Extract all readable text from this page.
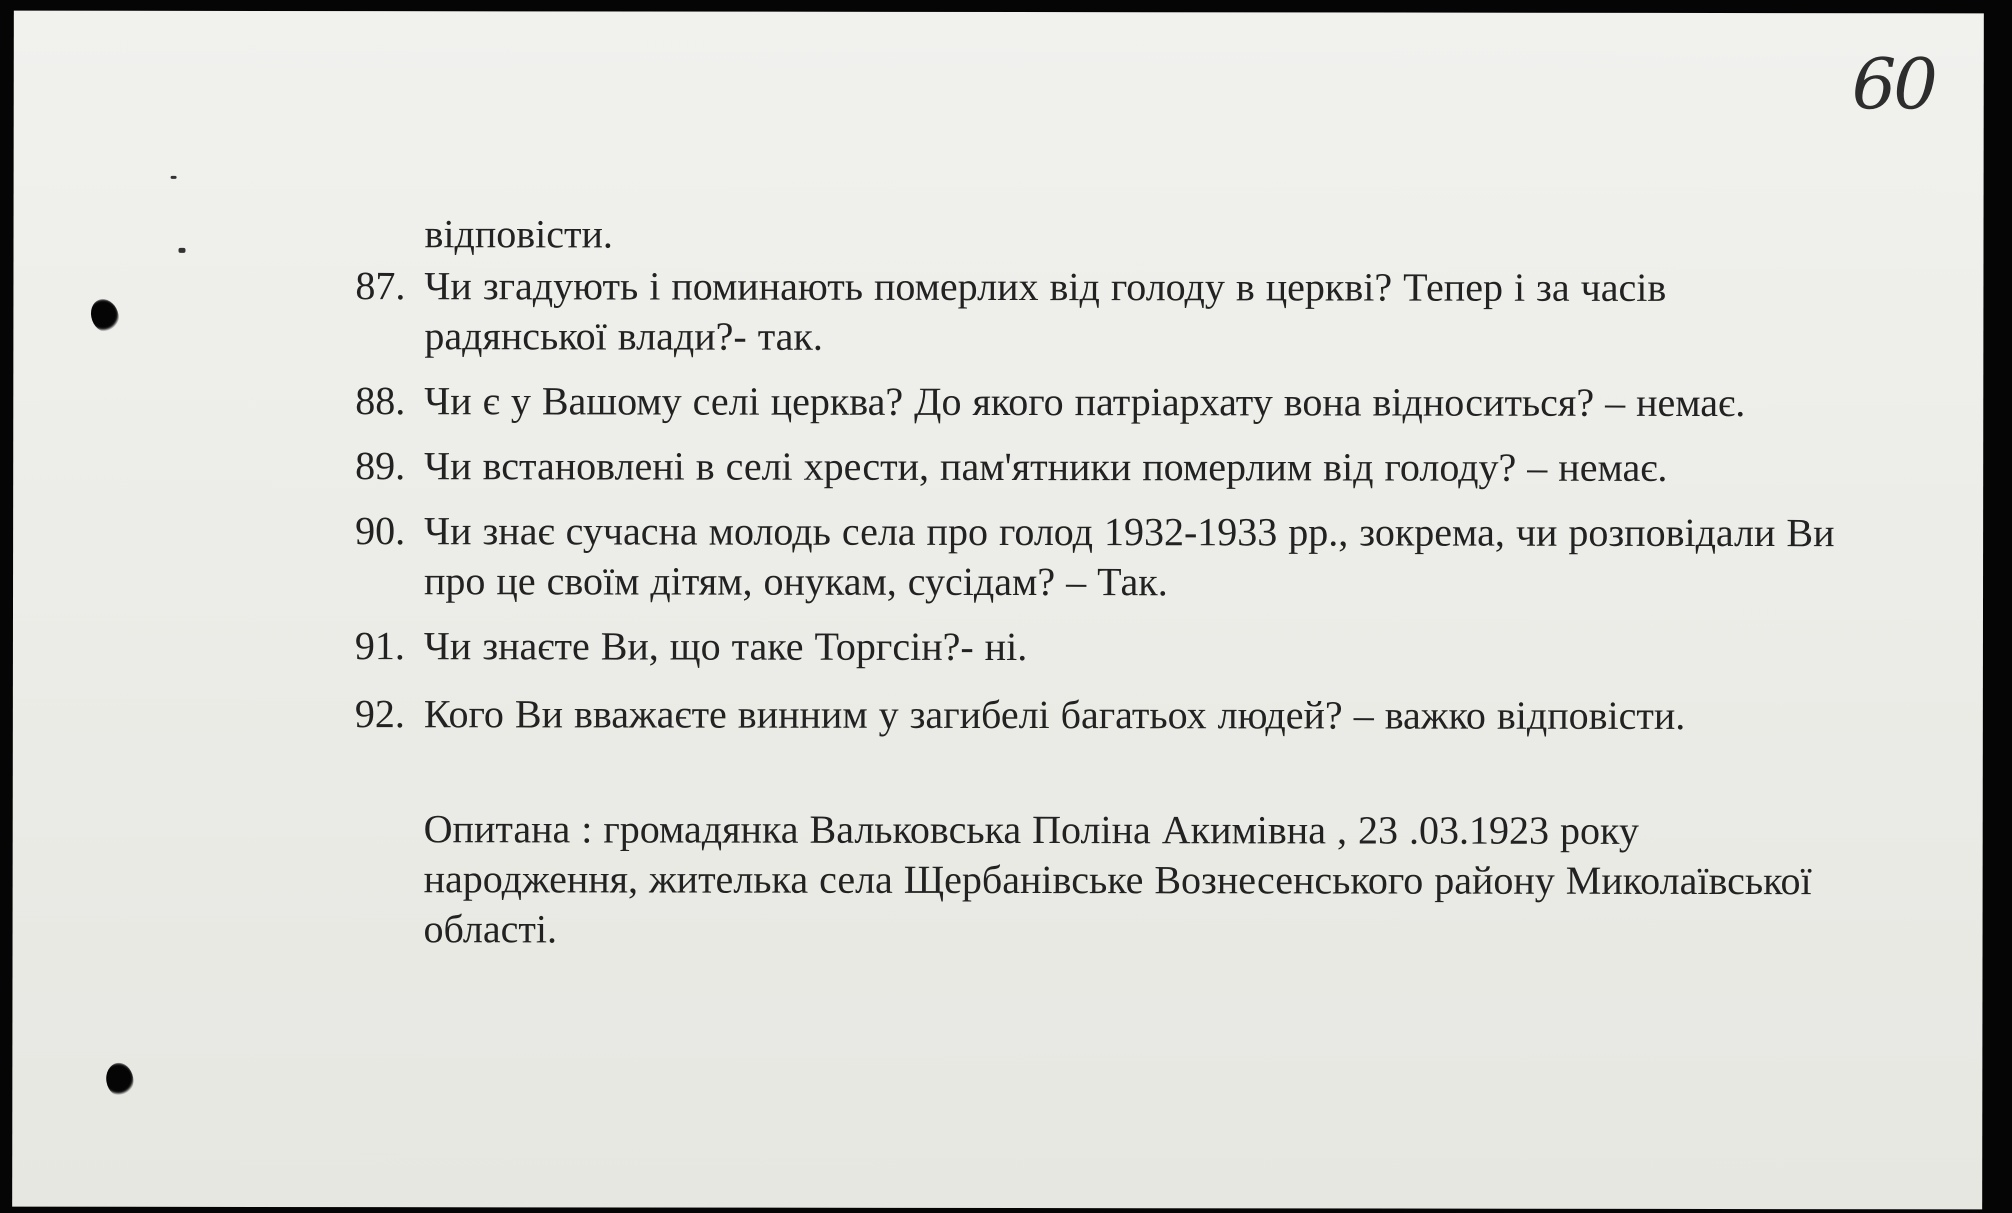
60
відповісти.
87. Чи згадують і поминають померлих від голоду в церкві? Тепер і за часів радянської влади?- так.
88. Чи є у Вашому селі церква? До якого патріархату вона відноситься? – немає.
89. Чи встановлені в селі хрести, пам'ятники померлим від голоду? – немає.
90. Чи знає сучасна молодь села про голод 1932-1933 рр., зокрема, чи розповідали Ви про це своїм дітям, онукам, сусідам? – Так.
91. Чи знаєте Ви, що таке Торгсін?- ні.
92. Кого Ви вважаєте винним у загибелі багатьох людей? – важко відповісти.
Опитана : громадянка Вальковська Поліна Акимівна , 23 .03.1923 року народження, жителька села Щербанівське Вознесенського району Миколаївської області.
